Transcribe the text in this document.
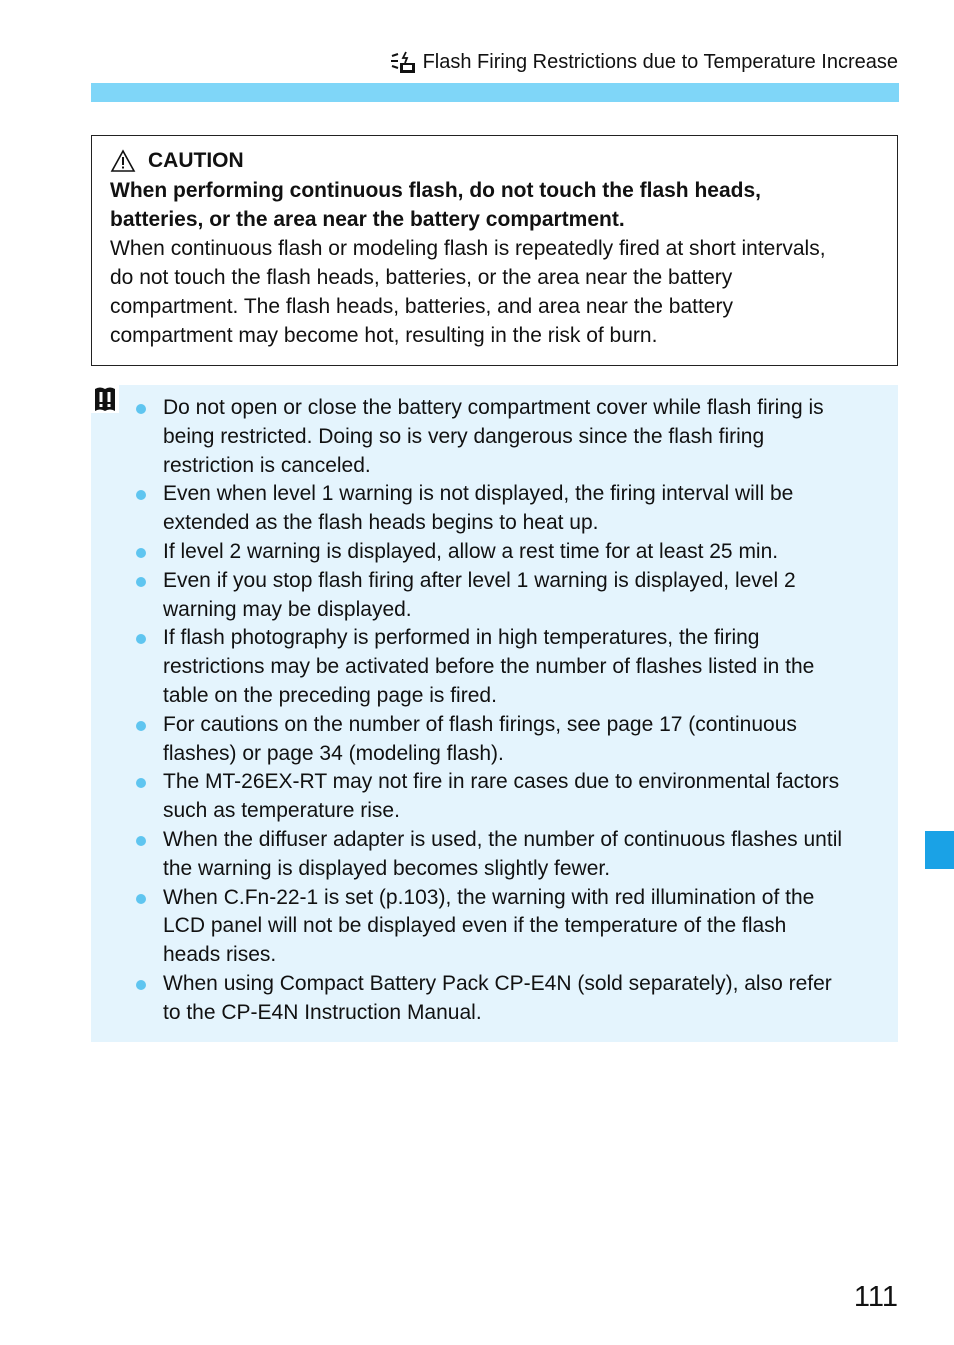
Flash Firing Restrictions due to Temperature Increase
CAUTION
When performing continuous flash, do not touch the flash heads,
batteries, or the area near the battery compartment.
When continuous flash or modeling flash is repeatedly fired at short intervals,
do not touch the flash heads, batteries, or the area near the battery
compartment. The flash heads, batteries, and area near the battery
compartment may become hot, resulting in the risk of burn.
Do not open or close the battery compartment cover while flash firing is
being restricted. Doing so is very dangerous since the flash firing
restriction is canceled.
Even when level 1 warning is not displayed, the firing interval will be
extended as the flash heads begins to heat up.
If level 2 warning is displayed, allow a rest time for at least 25 min.
Even if you stop flash firing after level 1 warning is displayed, level 2
warning may be displayed.
If flash photography is performed in high temperatures, the firing
restrictions may be activated before the number of flashes listed in the
table on the preceding page is fired.
For cautions on the number of flash firings, see page 17 (continuous
flashes) or page 34 (modeling flash).
The MT-26EX-RT may not fire in rare cases due to environmental factors
such as temperature rise.
When the diffuser adapter is used, the number of continuous flashes until
the warning is displayed becomes slightly fewer.
When C.Fn-22-1 is set (p.103), the warning with red illumination of the
LCD panel will not be displayed even if the temperature of the flash
heads rises.
When using Compact Battery Pack CP-E4N (sold separately), also refer
to the CP-E4N Instruction Manual.
111
